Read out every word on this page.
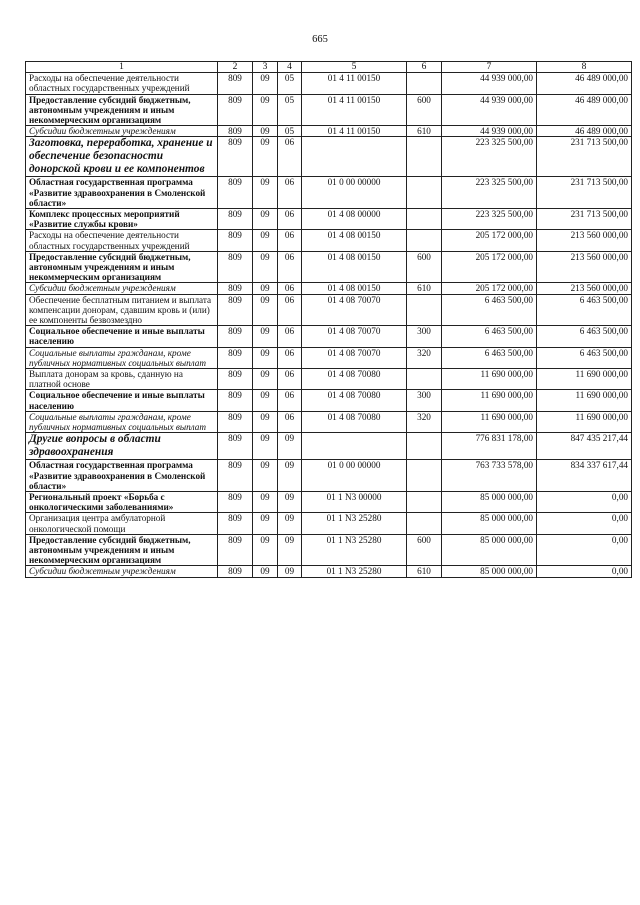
665
1	2	3	4	5	6	7	8
Расходы на обеспечение деятельности областных государственных учреждений	809	09	05	01 4 11 00150		44 939 000,00	46 489 000,00
Предоставление субсидий бюджетным, автономным учреждениям и иным некоммерческим организациям	809	09	05	01 4 11 00150	600	44 939 000,00	46 489 000,00
Субсидии бюджетным учреждениям	809	09	05	01 4 11 00150	610	44 939 000,00	46 489 000,00
Заготовка, переработка, хранение и обеспечение безопасности донорской крови и ее компонентов	809	09	06			223 325 500,00	231 713 500,00
Областная государственная программа «Развитие здравоохранения в Смоленской области»	809	09	06	01 0 00 00000		223 325 500,00	231 713 500,00
Комплекс процессных мероприятий «Развитие службы крови»	809	09	06	01 4 08 00000		223 325 500,00	231 713 500,00
Расходы на обеспечение деятельности областных государственных учреждений	809	09	06	01 4 08 00150		205 172 000,00	213 560 000,00
Предоставление субсидий бюджетным, автономным учреждениям и иным некоммерческим организациям	809	09	06	01 4 08 00150	600	205 172 000,00	213 560 000,00
Субсидии бюджетным учреждениям	809	09	06	01 4 08 00150	610	205 172 000,00	213 560 000,00
Обеспечение бесплатным питанием и выплата компенсации донорам, сдавшим кровь и (или) ее компоненты безвозмездно	809	09	06	01 4 08 70070		6 463 500,00	6 463 500,00
Социальное обеспечение и иные выплаты населению	809	09	06	01 4 08 70070	300	6 463 500,00	6 463 500,00
Социальные выплаты гражданам, кроме публичных нормативных социальных выплат	809	09	06	01 4 08 70070	320	6 463 500,00	6 463 500,00
Выплата донорам за кровь, сданную на платной основе	809	09	06	01 4 08 70080		11 690 000,00	11 690 000,00
Социальное обеспечение и иные выплаты населению	809	09	06	01 4 08 70080	300	11 690 000,00	11 690 000,00
Социальные выплаты гражданам, кроме публичных нормативных социальных выплат	809	09	06	01 4 08 70080	320	11 690 000,00	11 690 000,00
Другие вопросы в области здравоохранения	809	09	09			776 831 178,00	847 435 217,44
Областная государственная программа «Развитие здравоохранения в Смоленской области»	809	09	09	01 0 00 00000		763 733 578,00	834 337 617,44
Региональный проект «Борьба с онкологическими заболеваниями»	809	09	09	01 1 N3 00000		85 000 000,00	0,00
Организация центра амбулаторной онкологической помощи	809	09	09	01 1 N3 25280		85 000 000,00	0,00
Предоставление субсидий бюджетным, автономным учреждениям и иным некоммерческим организациям	809	09	09	01 1 N3 25280	600	85 000 000,00	0,00
Субсидии бюджетным учреждениям	809	09	09	01 1 N3 25280	610	85 000 000,00	0,00
